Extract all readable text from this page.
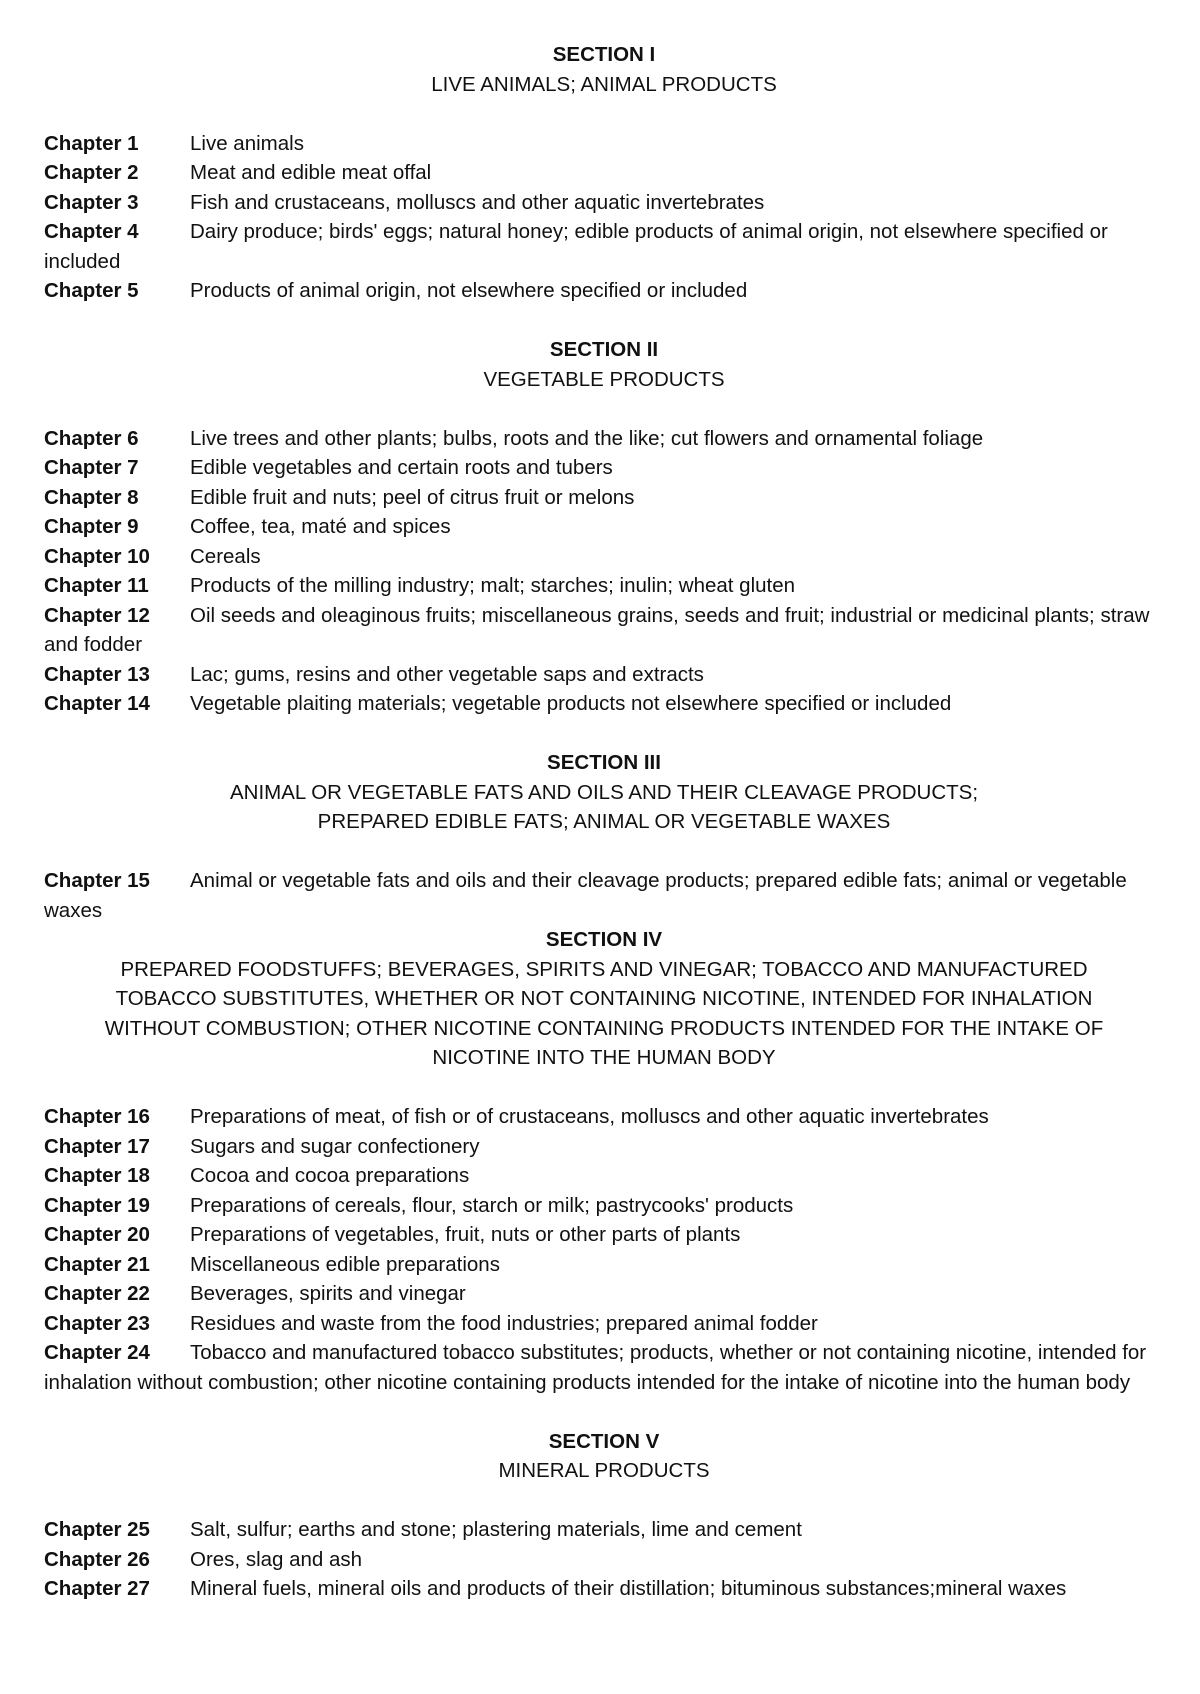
SECTION I
LIVE ANIMALS; ANIMAL PRODUCTS

Chapter 1	Live animals

Chapter 2	Meat and edible meat offal

Chapter 3	Fish and crustaceans, molluscs and other aquatic invertebrates

Chapter 4	Dairy produce; birds' eggs; natural honey; edible products of animal origin, not elsewhere specified or included

Chapter 5	Products of animal origin, not elsewhere specified or included

SECTION II
VEGETABLE PRODUCTS

Chapter 6	Live trees and other plants; bulbs, roots and the like; cut flowers and ornamental foliage

Chapter 7	Edible vegetables and certain roots and tubers

Chapter 8	Edible fruit and nuts; peel of citrus fruit or melons

Chapter 9	Coffee, tea, maté and spices

Chapter 10 Cereals

Chapter 11 Products of the milling industry; malt; starches; inulin; wheat gluten

Chapter 12 Oil seeds and oleaginous fruits; miscellaneous grains, seeds and fruit; industrial or medicinal plants; straw and fodder

Chapter 13 Lac; gums, resins and other vegetable saps and extracts

Chapter 14 Vegetable plaiting materials; vegetable products not elsewhere specified or included

SECTION III
ANIMAL OR VEGETABLE FATS AND OILS AND THEIR CLEAVAGE PRODUCTS;
PREPARED EDIBLE FATS; ANIMAL OR VEGETABLE WAXES

Chapter 15 Animal or vegetable fats and oils and their cleavage products; prepared edible fats; animal or vegetable waxes

SECTION IV
PREPARED FOODSTUFFS; BEVERAGES, SPIRITS AND VINEGAR; TOBACCO AND MANUFACTURED
TOBACCO SUBSTITUTES, WHETHER OR NOT CONTAINING NICOTINE, INTENDED FOR INHALATION
WITHOUT COMBUSTION; OTHER NICOTINE CONTAINING PRODUCTS INTENDED FOR THE INTAKE OF
NICOTINE INTO THE HUMAN BODY

Chapter 16 Preparations of meat, of fish or of crustaceans, molluscs and other aquatic invertebrates

Chapter 17 Sugars and sugar confectionery

Chapter 18 Cocoa and cocoa preparations

Chapter 19 Preparations of cereals, flour, starch or milk; pastrycooks' products

Chapter 20 Preparations of vegetables, fruit, nuts or other parts of plants

Chapter 21 Miscellaneous edible preparations

Chapter 22 Beverages, spirits and vinegar

Chapter 23 Residues and waste from the food industries; prepared animal fodder

Chapter 24 Tobacco and manufactured tobacco substitutes; products, whether or not containing nicotine, intended for inhalation without combustion; other nicotine containing products intended for the intake of nicotine into the human body

SECTION V
MINERAL PRODUCTS

Chapter 25 Salt, sulfur; earths and stone; plastering materials, lime and cement

Chapter 26 Ores, slag and ash

Chapter 27 Mineral fuels, mineral oils and products of their distillation; bituminous substances;mineral waxes
